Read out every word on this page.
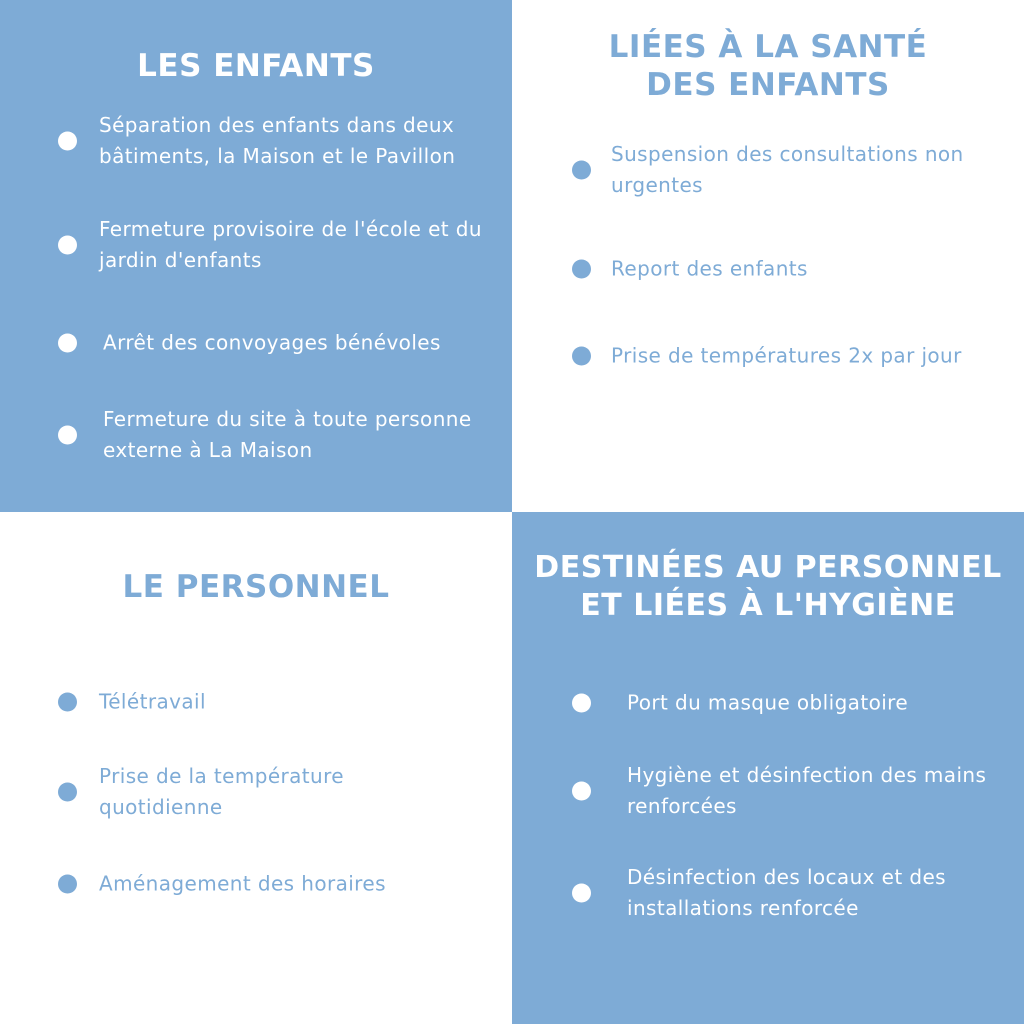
LES ENFANTS
Séparation des enfants dans deux bâtiments, la Maison et le Pavillon
Fermeture provisoire de l'école et du jardin d'enfants
Arrêt des convoyages bénévoles
Fermeture du site à toute personne externe à La Maison
LIÉES À LA SANTÉ
DES ENFANTS
Suspension des consultations non urgentes
Report des enfants
Prise de températures 2x par jour
LE PERSONNEL
Télétravail
Prise de la température quotidienne
Aménagement des horaires
DESTINÉES AU PERSONNEL
ET LIÉES À L'HYGIÈNE
Port du masque obligatoire
Hygiène et désinfection des mains renforcées
Désinfection des locaux et des installations renforcée
